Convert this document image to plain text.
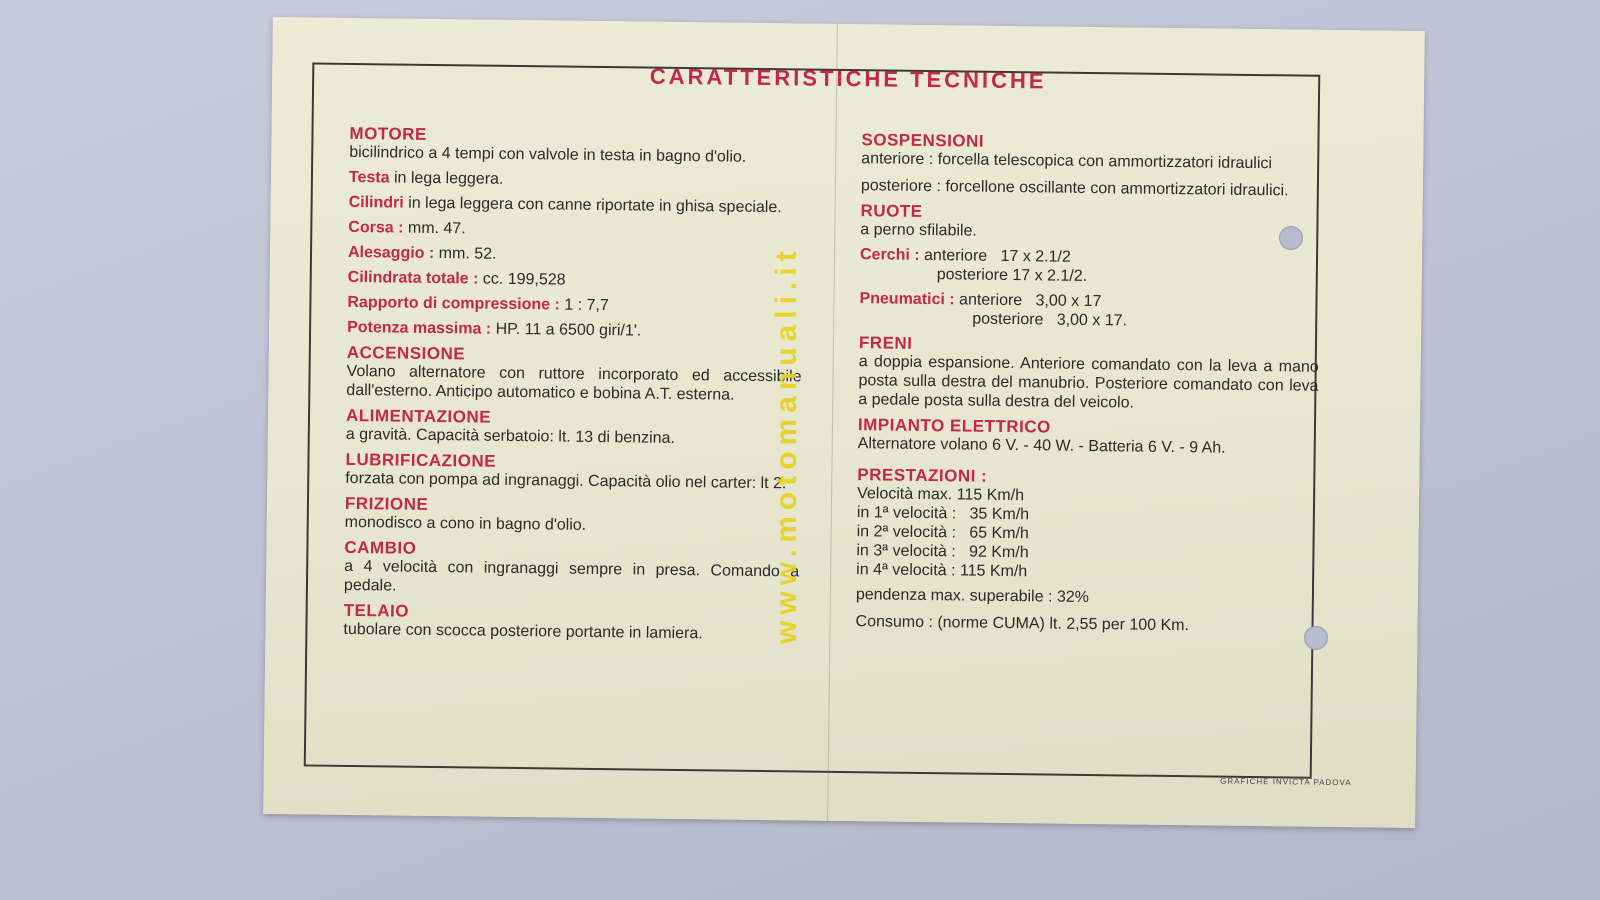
CARATTERISTICHE TECNICHE
MOTORE

bicilindrico a 4 tempi con valvole in testa in bagno d'olio.

Testa in lega leggera.
Cilindri in lega leggera con canne riportate in ghisa speciale.
Corsa : mm. 47.
Alesaggio : mm. 52.
Cilindrata totale : cc. 199,528
Rapporto di compressione : 1 : 7,7
Potenza massima : HP. 11 a 6500 giri/1'.
ACCENSIONE

Volano alternatore con ruttore incorporato ed accessibile dall'esterno. Anticipo automatico e bobina A.T. esterna.

ALIMENTAZIONE

a gravità. Capacità serbatoio: lt. 13 di benzina.

LUBRIFICAZIONE

forzata con pompa ad ingranaggi. Capacità olio nel carter: lt 2.

FRIZIONE

monodisco a cono in bagno d'olio.

CAMBIO

a 4 velocità con ingranaggi sempre in presa. Comando a pedale.

TELAIO

tubolare con scocca posteriore portante in lamiera.

SOSPENSIONI

anteriore : forcella telescopica con ammortizzatori idraulici

posteriore : forcellone oscillante con ammortizzatori idraulici.

RUOTE

a perno sfilabile.

Cerchi : anteriore   17 x 2.1/2
posteriore 17 x 2.1/2.
Pneumatici : anteriore   3,00 x 17
posteriore   3,00 x 17.
FRENI

a doppia espansione. Anteriore comandato con la leva a mano posta sulla destra del manubrio. Posteriore comandato con leva a pedale posta sulla destra del veicolo.

IMPIANTO ELETTRICO

Alternatore volano 6 V. - 40 W. - Batteria 6 V. - 9 Ah.

PRESTAZIONI :
Velocità max. 115 Km/h
in 1ª velocità :   35 Km/h
in 2ª velocità :   65 Km/h
in 3ª velocità :   92 Km/h
in 4ª velocità : 115 Km/h
pendenza max. superabile : 32%
Consumo : (norme CUMA) lt. 2,55 per 100 Km.
GRAFICHE INVICTA PADOVA
www.motomanuali.it
